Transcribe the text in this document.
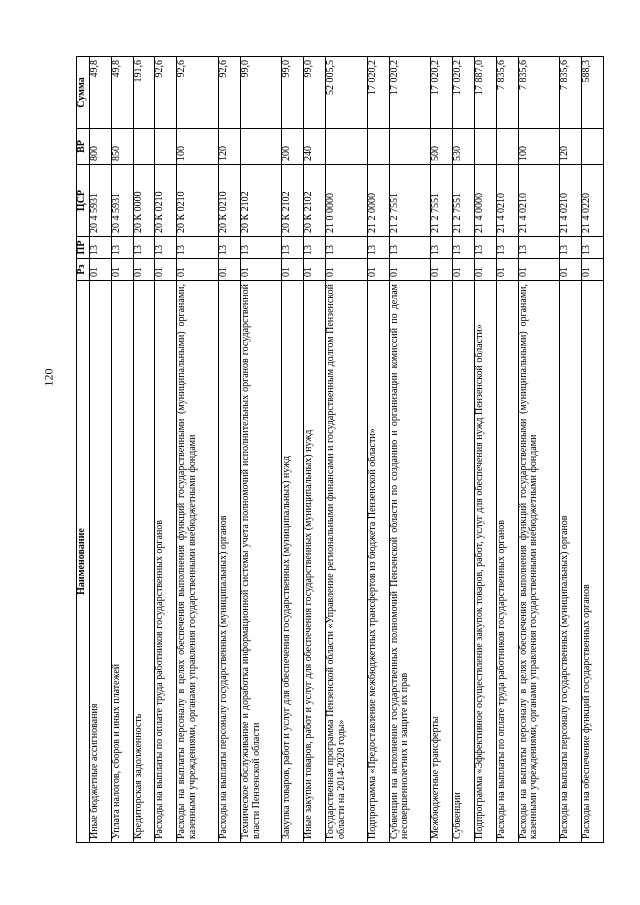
120
Наименование	Рз	ПР	ЦСР	ВР	Сумма
Иные бюджетные ассигнования	01	13	20 4 5931	800	49,8
Уплата налогов, сборов и иных платежей	01	13	20 4 5931	850	49,8
Кредиторская задолженность	01	13	20 К 0000		191,6
Расходы на выплаты по оплате труда работников государственных органов	01	13	20 К 0210		92,6
Расходы на выплаты персоналу в целях обеспечения выполнения функций государственными (муниципальными) органами, казенными учреждениями, органами управления государственными внебюджетными фондами	01	13	20 К 0210	100	92,6
Расходы на выплаты персоналу государственных (муниципальных) органов	01	13	20 К 0210	120	92,6
Техническое обслуживание и доработка информационной системы учета полномочий исполнительных органов государственной власти Пензенской области	01	13	20 К 2102		99,0
Закупка товаров, работ и услуг для обеспечения государственных (муниципальных) нужд	01	13	20 К 2102	200	99,0
Иные закупки товаров, работ и услуг для обеспечения государственных (муниципальных) нужд	01	13	20 К 2102	240	99,0
Государственная программа Пензенской области «Управление региональными финансами и государственным долгом Пензенской области на 2014-2020 годы»	01	13	21 0 0000		52 005,5
Подпрограмма «Предоставление межбюджетных трансфертов из бюджета Пензенской области»	01	13	21 2 0000		17 020,2
Субвенции на исполнение государственных полномочий Пензенской области по созданию и организации комиссий по делам несовершеннолетних и защите их прав	01	13	21 2 7551		17 020,2
Межбюджетные трансферты	01	13	21 2 7551	500	17 020,2
Субвенции	01	13	21 2 7551	530	17 020,2
Подпрограмма «Эффективное осуществление закупок товаров, работ, услуг для обеспечения нужд Пензенской области»	01	13	21 4 0000		17 887,0
Расходы на выплаты по оплате труда работников государственных органов	01	13	21 4 0210		7 835,6
Расходы на выплаты персоналу в целях обеспечения выполнения функций государственными (муниципальными) органами, казенными учреждениями, органами управления государственными внебюджетными фондами	01	13	21 4 0210	100	7 835,6
Расходы на выплаты персоналу государственных (муниципальных) органов	01	13	21 4 0210	120	7 835,6
Расходы на обеспечение функций государственных органов	01	13	21 4 0220		588,3
